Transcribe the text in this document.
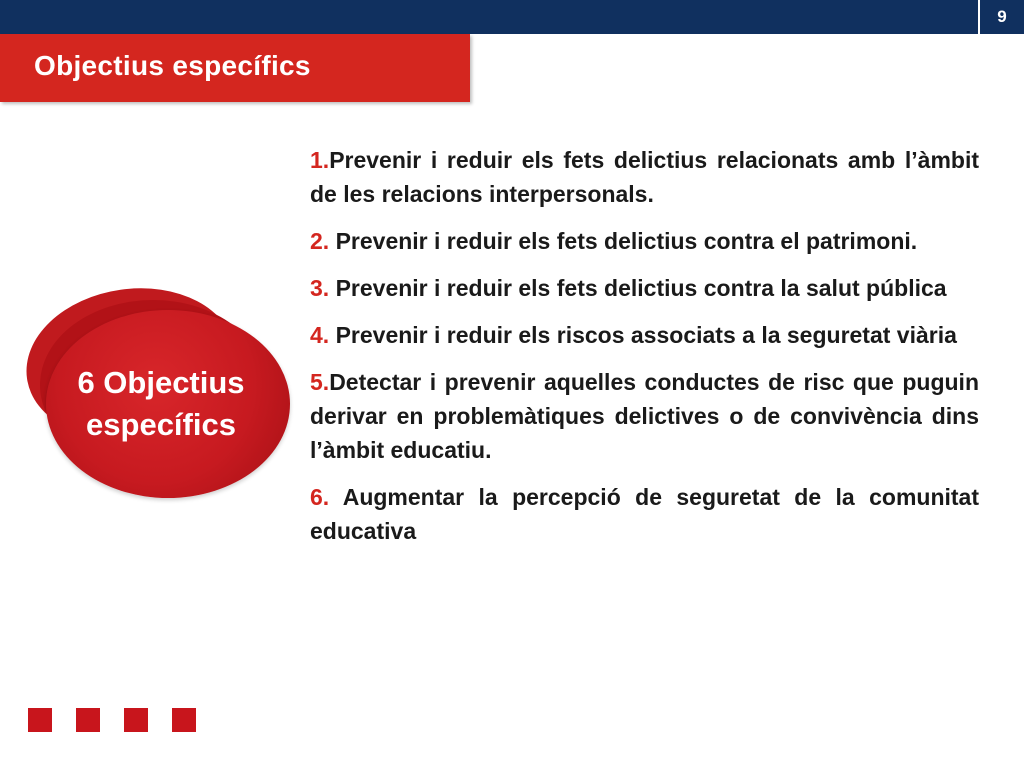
9
Objectius específics
6 Objectius
específics

1.Prevenir i reduir els fets delictius relacionats amb l’àmbit de les relacions interpersonals.

2. Prevenir i reduir els fets delictius contra el patrimoni.

3. Prevenir i reduir els fets delictius contra la salut pública

4. Prevenir i reduir els riscos associats a la seguretat viària

5.Detectar i prevenir aquelles conductes de risc que puguin derivar en problemàtiques delictives o de convivència dins l’àmbit educatiu.

6. Augmentar la percepció de seguretat de la comunitat educativa
